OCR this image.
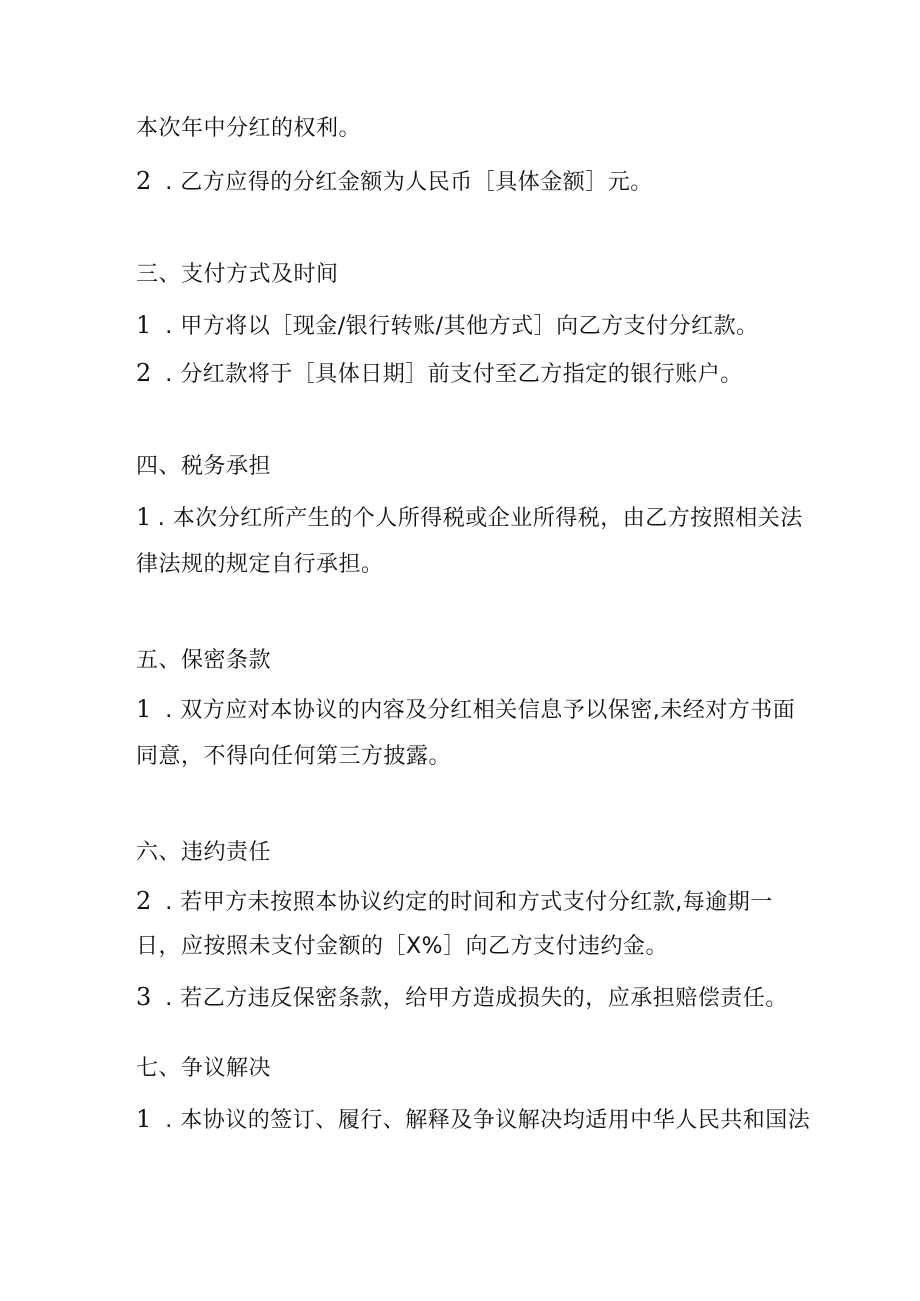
本次年中分红的权利。
2 . 乙方应得的分红金额为人民币［具体金额］元。
三、支付方式及时间
1 . 甲方将以［现金/银行转账/其他方式］向乙方支付分红款。
2 . 分红款将于［具体日期］前支付至乙方指定的银行账户。
四、税务承担
1 . 本次分红所产生的个人所得税或企业所得税，由乙方按照相关法
律法规的规定自行承担。
五、保密条款
1 . 双方应对本协议的内容及分红相关信息予以保密,未经对方书面
同意，不得向任何第三方披露。
六、违约责任
2 . 若甲方未按照本协议约定的时间和方式支付分红款,每逾期一
日，应按照未支付金额的［X%］向乙方支付违约金。
3 . 若乙方违反保密条款，给甲方造成损失的，应承担赔偿责任。
七、争议解决
1 . 本协议的签订、履行、解释及争议解决均适用中华人民共和国法
